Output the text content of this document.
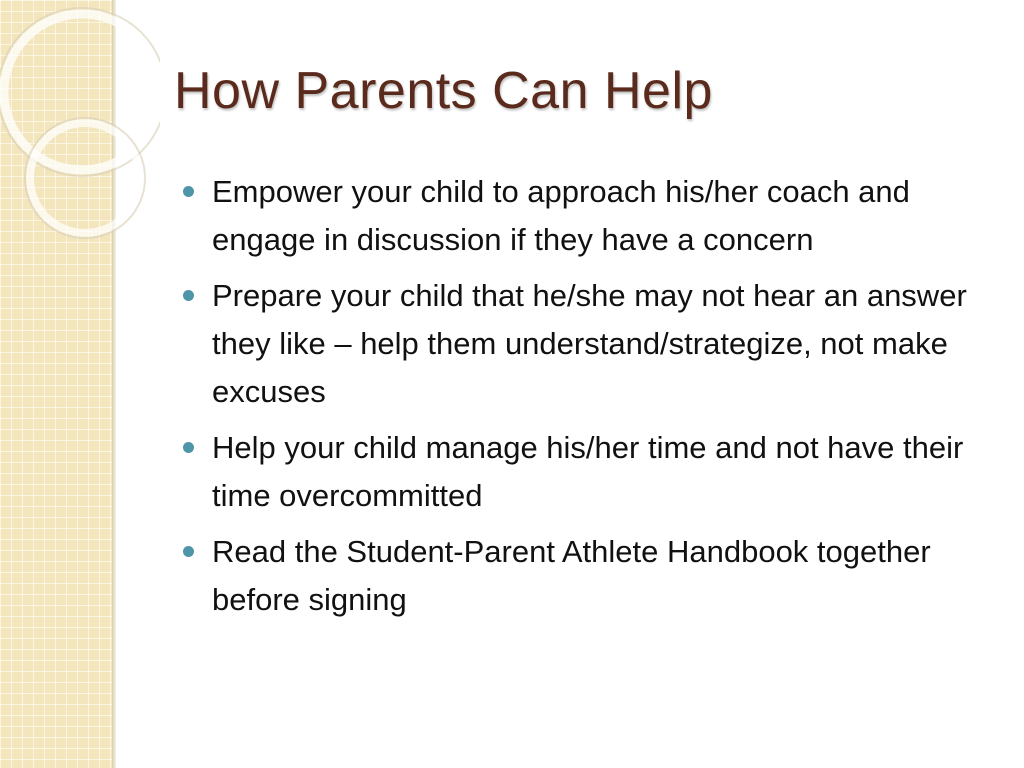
How Parents Can Help
Empower your child to approach his/her coach and engage in discussion if they have a concern
Prepare your child that he/she may not hear an answer they like – help them understand/strategize, not make excuses
Help your child manage his/her time and not have their time overcommitted
Read the Student-Parent Athlete Handbook together before signing
